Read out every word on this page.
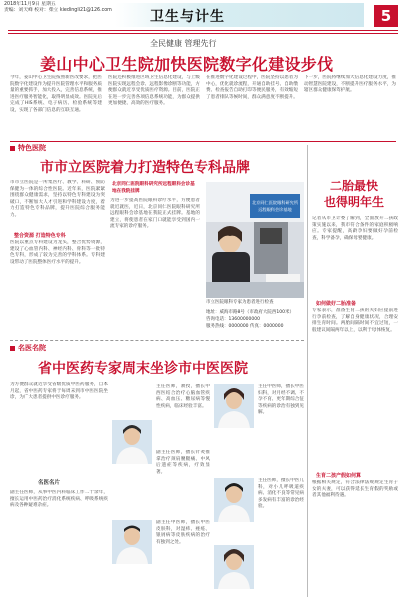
2018年11月9日 星期五
责编：刘天峰 校对：柴立 kiedingli21@126.com	卫生与计生	5
全民健康 管理先行
姜山中心卫生院加快医院数字化建设步伐
今年，姜山中心卫生院按照新医改要求，把医院数字化建设作为提升医院管理水平和服务质量的重要抓手，加大投入，完善信息系统，推进医疗服务智能化，取得明显成效。医院先后完成了HIS系统、电子病历、检验系统等建设，实现了各部门信息的互联互通。
医院还积极推进区域卫生信息化建设，与上级医院实现远程会诊、远程影像诊断等功能，方便群众就近享受优质医疗资源。目前，医院正在进一步完善各项信息系统功能，为群众提供更加便捷、高效的医疗服务。
在推进数字化建设过程中，医院坚持以患者为中心，优化就诊流程，开通自助挂号、自助缴费、检查报告自助打印等便民服务，有效缩短了患者排队等候时间，群众满意度不断提升。
下一步，医院将继续加大信息化建设力度，推动智慧医院建设，不断提升医疗服务水平，为辖区群众健康保驾护航。
特色医院
市市立医院着力打造特色专科品牌
市市立医院是一所集医疗、教学、科研、预防保健为一体的综合性医院。近年来，医院紧紧围绕群众健康需求，坚持以特色专科建设为突破口，不断加大人才引进和学科建设力度，着力打造特色专科品牌，提升医院综合服务能力。
整合资源 打造特色专科
医院以重点专科建设为龙头，整合优势资源，建设了心血管内科、神经内科、骨科等一批特色专科，形成了较为完善的学科体系。专科建设带动了医院整体医疗水平的提升。
北京同仁医院眼科研究所远程眼科会诊基地在我院挂牌
为进一步提高医院眼科诊疗水平，方便患者就近就医，近日，北京同仁医院眼科研究所远程眼科会诊基地在我院正式挂牌。基地的建立，将使患者在家门口就能享受到国内一流专家的诊疗服务。
北京同仁医院眼科研究所
远程眼科会诊基地
市立医院眼科专家为患者进行检查
地址：威海市路8号（市政府大院西100米）
咨询电话：13600000000
服务热线：0000000 传真：0000000
二胎最快
也得明年生
记者从市卫计委了解到，全面放开二孩政策实施以来，我市符合条件的家庭积极响应。专家提醒，高龄孕妇要做好孕前检查，科学备孕，确保母婴健康。
如何做好二胎准备
专家表示，准备生育二孩的夫妇应提前进行孕前检查，了解自身健康状况，合理安排生育时间。两胎间隔时间不宜过短，一般建议间隔两年以上，以利于母体恢复。
生育二孩产假如何算
根据相关规定，符合法律法规规定生育子女的夫妻，可以获得延长生育假的奖励或者其他福利待遇。
名医名院
省中医药专家周末坐诊市中医医院
为方便群众就近享受省级优质中医药服务，自本月起，省中医药专家将于每周末到市中医医院坐诊，为广大患者提供中医诊疗服务。
名医名片
副主任医师，从事中医内科临床工作二十余年，擅长运用中医药治疗消化系统疾病、呼吸系统疾病及各种疑难杂症。
主任医师，教授，擅长中西医结合治疗心脑血管疾病、高血压、糖尿病等慢性疾病，临床经验丰富。
主任中医师，擅长中医妇科，对月经不调、不孕不育、更年期综合征等疾病的诊治有独到见解。
副主任医师，擅长针灸推拿治疗颈肩腰腿痛、中风后遗症等疾病，疗效显著。
主任医师，擅长中医儿科，对小儿呼吸道疾病、消化不良等常见病多发病有丰富的诊治经验。
副主任中医师，擅长中医皮肤科，对湿疹、痤疮、银屑病等皮肤疾病的治疗有独到之处。
